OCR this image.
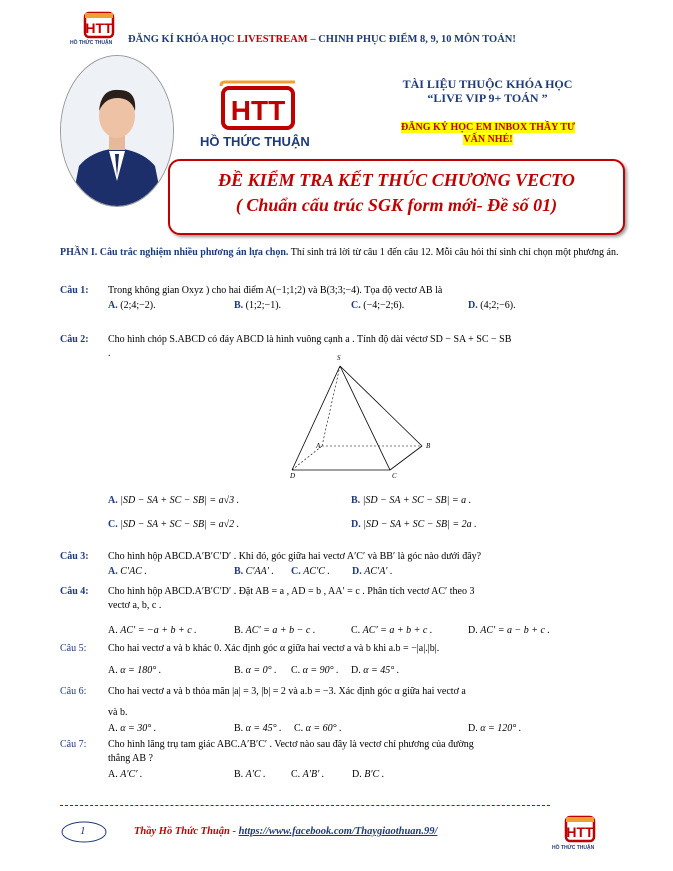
HTT
HỒ THỨC THUẬN ĐĂNG KÍ KHÓA HỌC LIVESTREAM – CHINH PHỤC ĐIỂM 8, 9, 10 MÔN TOÁN!
HTT
HỒ THỨC THUẬN
TÀI LIỆU THUỘC KHÓA HỌC
“LIVE VIP 9+ TOÁN ”
ĐĂNG KÝ HỌC EM INBOX THẦY TƯ
VẤN NHÉ!
ĐỀ KIỂM TRA KẾT THÚC CHƯƠNG VECTO
( Chuẩn cấu trúc SGK form mới- Đề số 01)
PHẦN I. Câu trắc nghiệm nhiều phương án lựa chọn. Thí sinh trả lời từ câu 1 đến câu 12. Mỗi câu hỏi thí sinh chỉ chọn một phương án.
Câu 1: Trong không gian Oxyz ) cho hai điểm A(−1;1;2) và B(3;3;−4). Tọa độ vectơ AB là
A. (2;4;−2).	B. (1;2;−1).	C. (−4;−2;6).	D. (4;2;−6).
Câu 2: Cho hình chóp S.ABCD có đáy ABCD là hình vuông cạnh a . Tính độ dài véctơ SD − SA + SC − SB
.	S
A	B
C
D
A. |SD − SA + SC − SB| = a√3 .	B. |SD − SA + SC − SB| = a .
C. |SD − SA + SC − SB| = a√2 .	D. |SD − SA + SC − SB| = 2a .
Câu 3: Cho hình hộp ABCD.A′B′C′D′ . Khi đó, góc giữa hai vectơ A′C′ và BB′ là góc nào dưới đây?
A. C′AC .	B. C′AA′ . C. AC′C . D. AC′A′ .
Câu 4: Cho hình hộp ABCD.A′B′C′D′ . Đặt AB = a , AD = b , AA′ = c . Phân tích vectơ AC′ theo 3
vectơ a, b, c .
A. AC′ = −a + b + c .	B. AC′ = a + b − c .	C. AC′ = a + b + c .	D. AC′ = a − b + c .
Câu 5: Cho hai vectơ a và b khác 0. Xác định góc α giữa hai vectơ a và b khi a.b = −|a|.|b|.
A. α = 180° .	B. α = 0° . C. α = 90° . D. α = 45° .
Câu 6: Cho hai vectơ a và b thỏa mãn |a| = 3, |b| = 2 và a.b = −3. Xác định góc α giữa hai vectơ a
và b.
A. α = 30° .	B. α = 45° . C. α = 60° .	D. α = 120° .
Câu 7: Cho hình lăng trụ tam giác ABC.A′B′C′ . Vectơ nào sau đây là vectơ chỉ phương của đường
thẳng AB ?
A. A′C′ .	B. A′C .	C. A′B′ .	D. B′C .
1	Thầy Hồ Thức Thuận - https://www.facebook.com/Thaygiaothuan.99/	HTT
HỒ THỨC THUẬN
